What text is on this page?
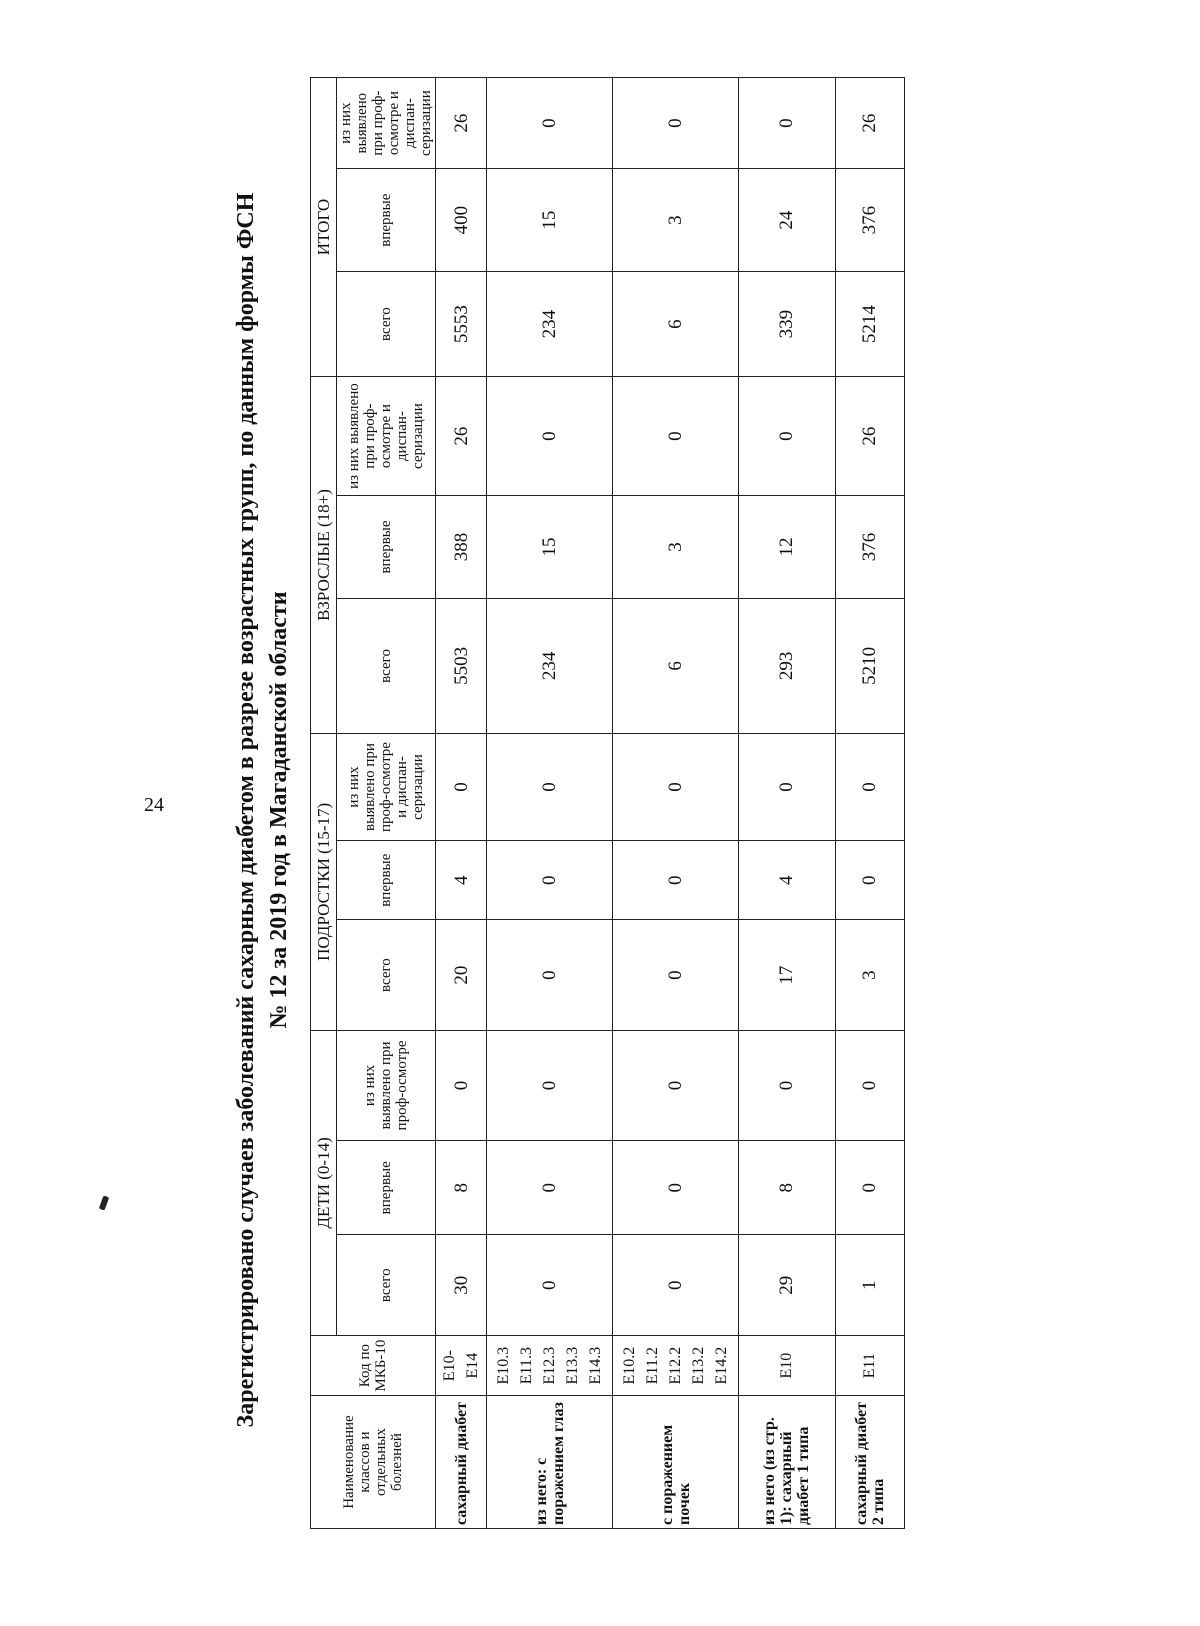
24	Зарегистрировано случаев заболеваний сахарным диабетом в разрезе возрастных групп, по данным формы ФСН № 12 за 2019 год в Магаданской области
Наименование классов и отдельных болезней	Код по МКБ-10	ДЕТИ (0-14)			ПОДРОСТКИ (15-17)			ВЗРОСЛЫЕ (18+)			ИТОГО		
		всего	впервые	из них выявлено при проф-осмотре	всего	впервые	из них выявлено при проф-осмотре и диспан-серизации	всего	впервые	из них выявлено при проф-осмотре и диспан-серизации	всего	впервые	из них выявлено при проф-осмотре и диспан-серизации
сахарный диабет	E10- E14	30	8	0	20	4	0	5503	388	26	5553	400	26
из него: с поражением глаз	E10.3 E11.3 E12.3 E13.3 E14.3	0	0	0	0	0	0	234	15	0	234	15	0
с поражением почек	E10.2 E11.2 E12.2 E13.2 E14.2	0	0	0	0	0	0	6	3	0	6	3	0
из него (из стр. 1): сахарный диабет 1 типа	E10	29	8	0	17	4	0	293	12	0	339	24	0
сахарный диабет 2 типа	E11	1	0	0	3	0	0	5210	376	26	5214	376	26
